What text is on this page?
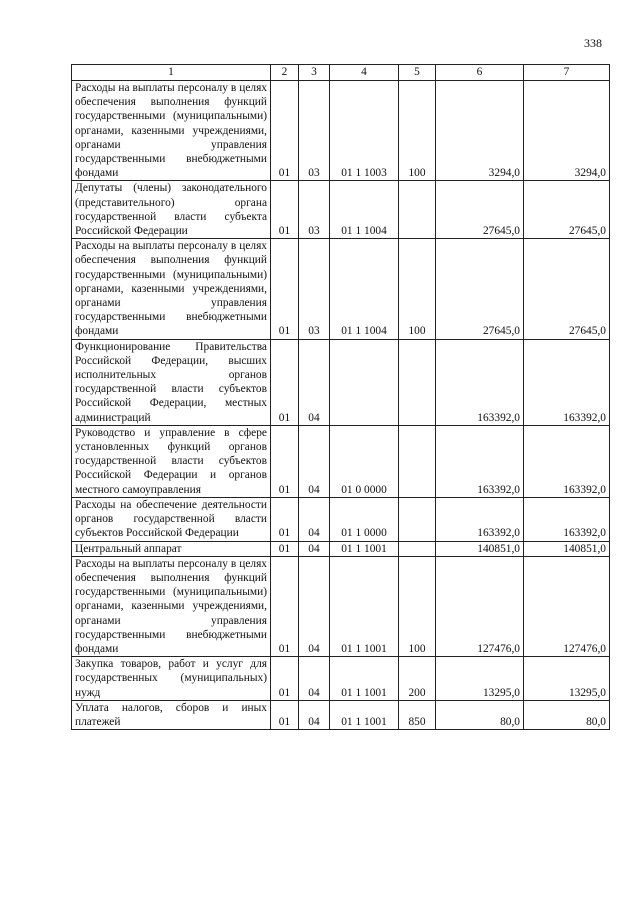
338
1	2	3	4	5	6	7
Расходы на выплаты персоналу в целях обеспечения выполнения функций государственными (муниципальными) органами, казенными учреждениями, органами управления государственными внебюджетными фондами	01	03	01 1 1003	100	3294,0	3294,0
Депутаты (члены) законодательного (представительного) органа государственной власти субъекта Российской Федерации	01	03	01 1 1004		27645,0	27645,0
Расходы на выплаты персоналу в целях обеспечения выполнения функций государственными (муниципальными) органами, казенными учреждениями, органами управления государственными внебюджетными фондами	01	03	01 1 1004	100	27645,0	27645,0
Функционирование Правительства Российской Федерации, высших исполнительных органов государственной власти субъектов Российской Федерации, местных администраций	01	04			163392,0	163392,0
Руководство и управление в сфере установленных функций органов государственной власти субъектов Российской Федерации и органов местного самоуправления	01	04	01 0 0000		163392,0	163392,0
Расходы на обеспечение деятельности органов государственной власти субъектов Российской Федерации	01	04	01 1 0000		163392,0	163392,0
Центральный аппарат	01	04	01 1 1001		140851,0	140851,0
Расходы на выплаты персоналу в целях обеспечения выполнения функций государственными (муниципальными) органами, казенными учреждениями, органами управления государственными внебюджетными фондами	01	04	01 1 1001	100	127476,0	127476,0
Закупка товаров, работ и услуг для государственных (муниципальных) нужд	01	04	01 1 1001	200	13295,0	13295,0
Уплата налогов, сборов и иных платежей	01	04	01 1 1001	850	80,0	80,0
